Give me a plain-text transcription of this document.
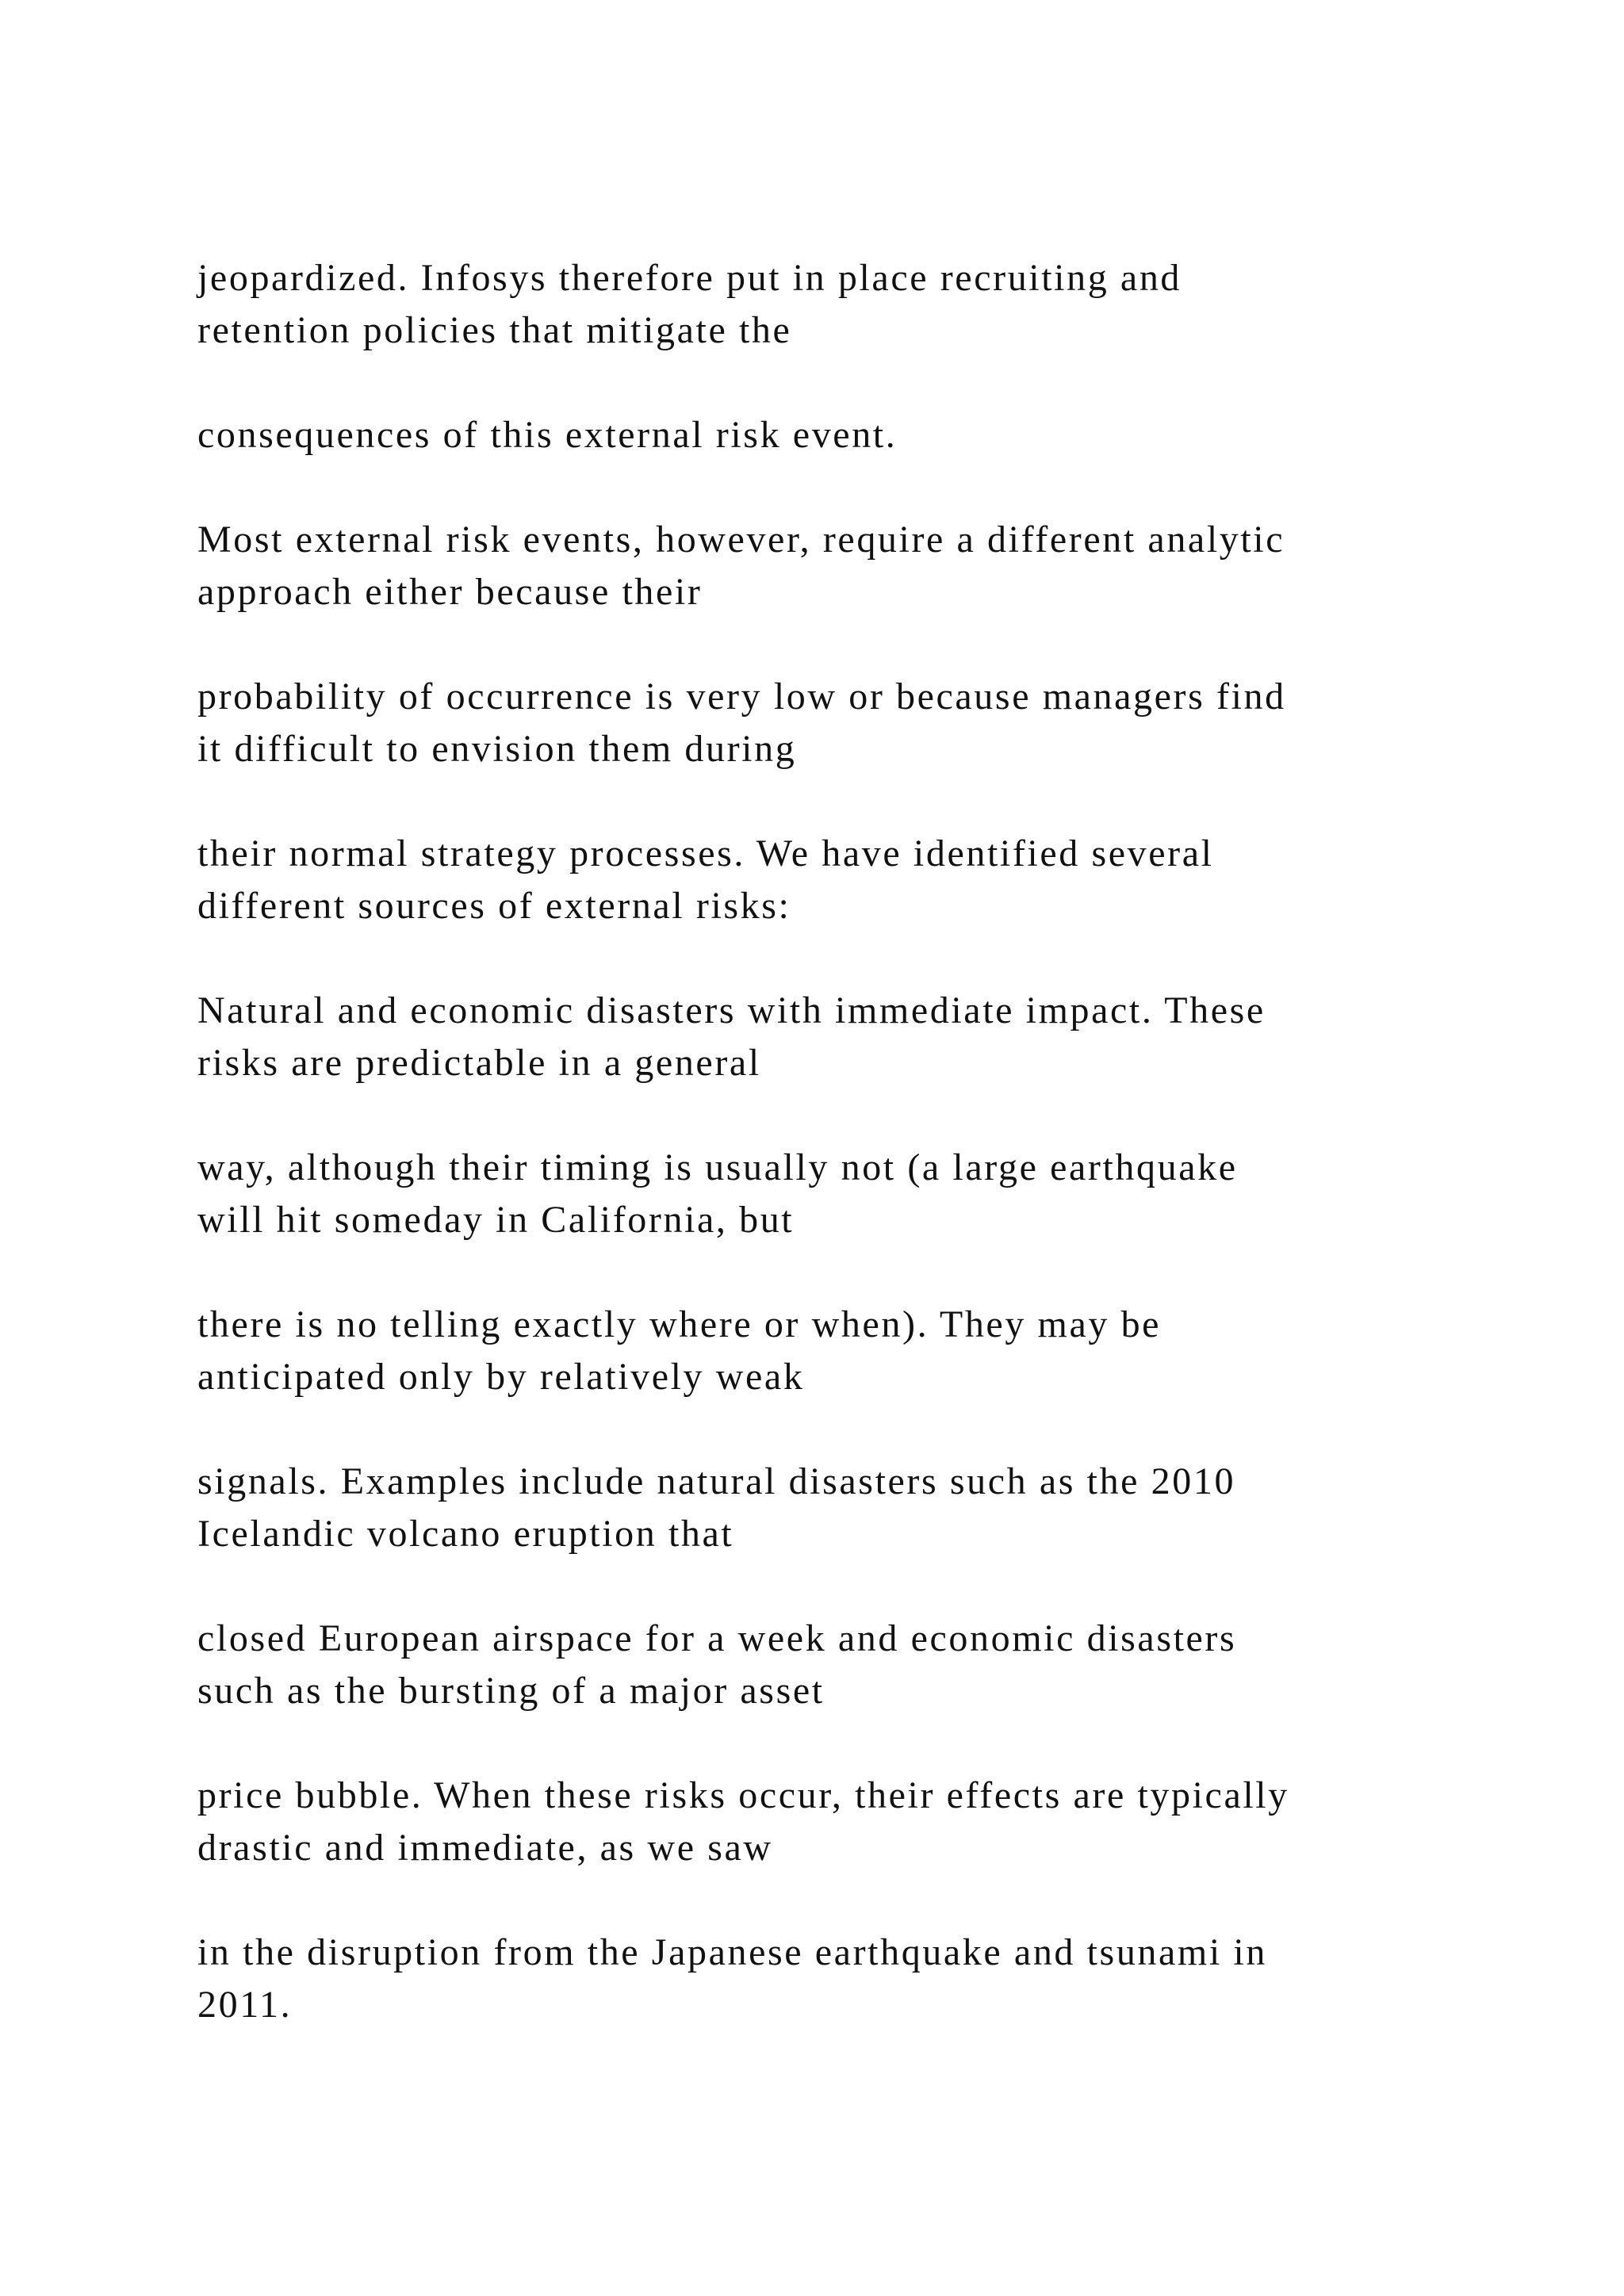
jeopardized. Infosys therefore put in place recruiting and
retention policies that mitigate the

consequences of this external risk event.

Most external risk events, however, require a different analytic
approach either because their

probability of occurrence is very low or because managers find
it difficult to envision them during

their normal strategy processes. We have identified several
different sources of external risks:

Natural and economic disasters with immediate impact. These
risks are predictable in a general

way, although their timing is usually not (a large earthquake
will hit someday in California, but

there is no telling exactly where or when). They may be
anticipated only by relatively weak

signals. Examples include natural disasters such as the 2010
Icelandic volcano eruption that

closed European airspace for a week and economic disasters
such as the bursting of a major asset

price bubble. When these risks occur, their effects are typically
drastic and immediate, as we saw

in the disruption from the Japanese earthquake and tsunami in
2011.
